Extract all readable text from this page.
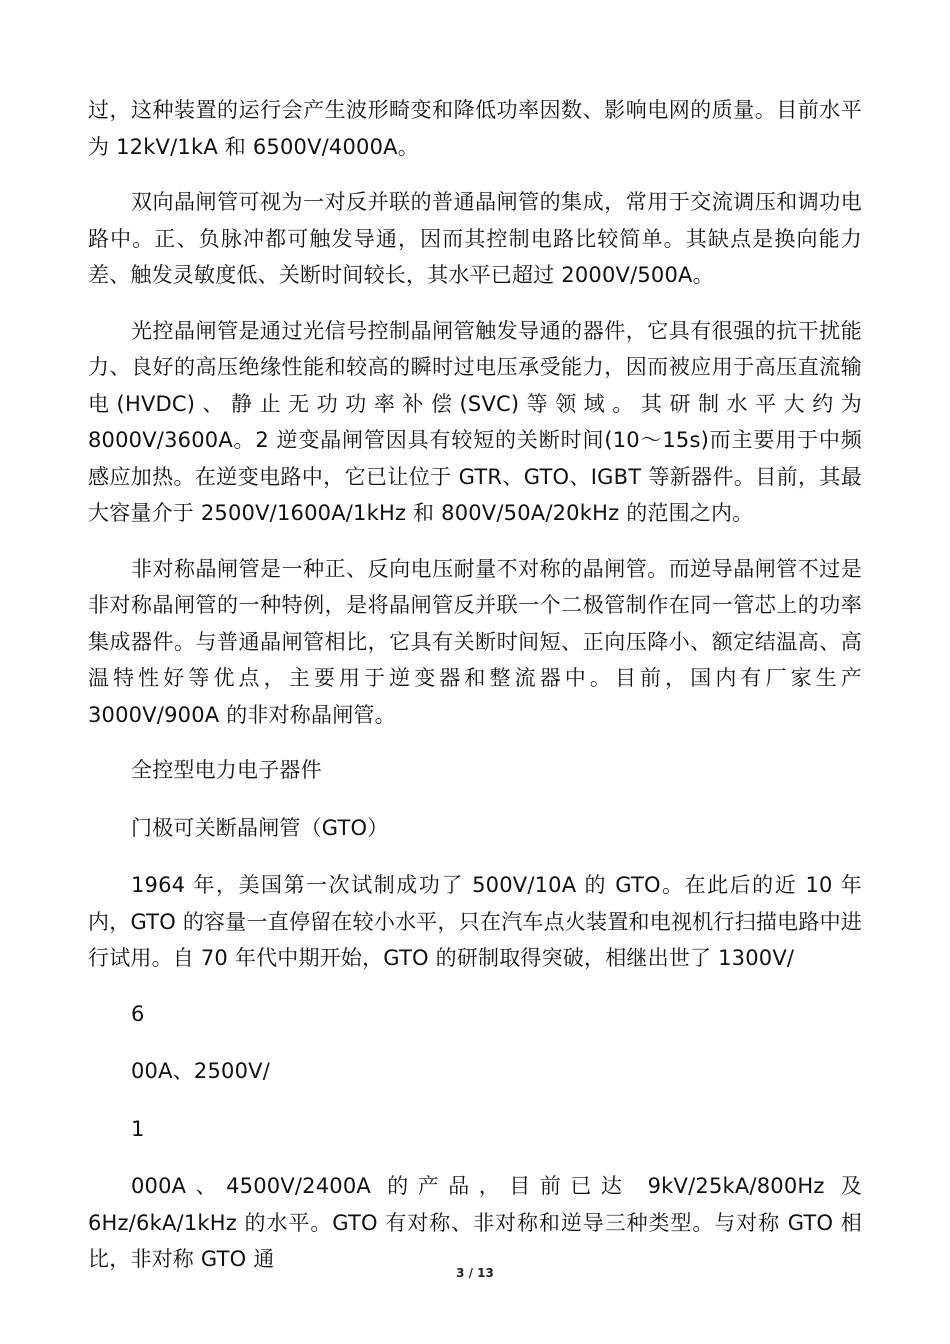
过，这种装置的运行会产生波形畸变和降低功率因数、影响电网的质量。目前水平为 12kV/1kA 和 6500V/4000A。

双向晶闸管可视为一对反并联的普通晶闸管的集成，常用于交流调压和调功电路中。正、负脉冲都可触发导通，因而其控制电路比较简单。其缺点是换向能力差、触发灵敏度低、关断时间较长，其水平已超过 2000V/500A。

光控晶闸管是通过光信号控制晶闸管触发导通的器件，它具有很强的抗干扰能力、良好的高压绝缘性能和较高的瞬时过电压承受能力，因而被应用于高压直流输电(HVDC)、静止无功功率补偿(SVC)等领域。其研制水平大约为 8000V/3600A。2 逆变晶闸管因具有较短的关断时间(10～15s)而主要用于中频感应加热。在逆变电路中，它已让位于 GTR、GTO、IGBT 等新器件。目前，其最大容量介于 2500V/1600A/1kHz 和 800V/50A/20kHz 的范围之内。

非对称晶闸管是一种正、反向电压耐量不对称的晶闸管。而逆导晶闸管不过是非对称晶闸管的一种特例，是将晶闸管反并联一个二极管制作在同一管芯上的功率集成器件。与普通晶闸管相比，它具有关断时间短、正向压降小、额定结温高、高温特性好等优点，主要用于逆变器和整流器中。目前，国内有厂家生产 3000V/900A 的非对称晶闸管。

全控型电力电子器件

门极可关断晶闸管（GTO）

1964 年，美国第一次试制成功了 500V/10A 的 GTO。在此后的近 10 年内，GTO 的容量一直停留在较小水平，只在汽车点火装置和电视机行扫描电路中进行试用。自 70 年代中期开始，GTO 的研制取得突破，相继出世了 1300V/

6

00A、2500V/

1

000A、4500V/2400A 的产品，目前已达 9kV/25kA/800Hz 及 6Hz/6kA/1kHz 的水平。GTO 有对称、非对称和逆导三种类型。与对称 GTO 相比，非对称 GTO 通

3 / 13
